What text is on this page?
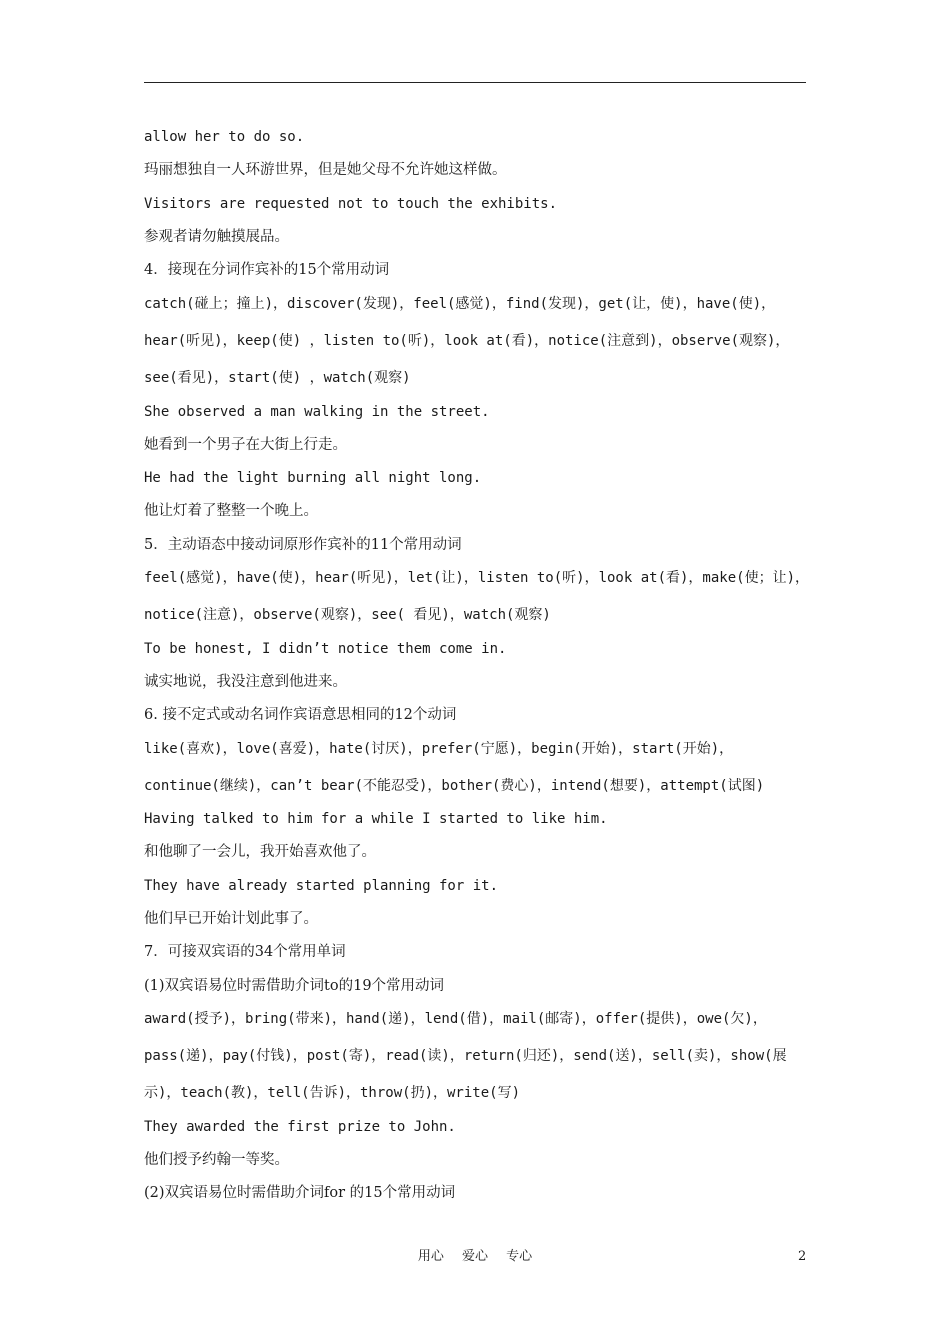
allow her to do so.
玛丽想独自一人环游世界，但是她父母不允许她这样做。
Visitors are requested not to touch the exhibits.
参观者请勿触摸展品。
4．接现在分词作宾补的15个常用动词
catch(碰上；撞上)，discover(发现)，feel(感觉)，find(发现)，get(让，使)，have(使)，
hear(听见)，keep(使) ，listen to(听)，look at(看)，notice(注意到)，observe(观察)，
see(看见)，start(使) ，watch(观察)
She observed a man walking in the street.
她看到一个男子在大街上行走。
He had the light burning all night long.
他让灯着了整整一个晚上。
5．主动语态中接动词原形作宾补的11个常用动词
feel(感觉)，have(使)，hear(听见)，let(让)，listen to(听)，look at(看)，make(使；让)，
notice(注意)，observe(观察)，see( 看见)，watch(观察)
To be honest, I didn’t notice them come in.
诚实地说，我没注意到他进来。
6. 接不定式或动名词作宾语意思相同的12个动词
like(喜欢)，love(喜爱)，hate(讨厌)，prefer(宁愿)，begin(开始)，start(开始)，
continue(继续)，can’t bear(不能忍受)，bother(费心)，intend(想要)，attempt(试图)
Having talked to him for a while I started to like him.
和他聊了一会儿，我开始喜欢他了。
They have already started planning for it.
他们早已开始计划此事了。
7．可接双宾语的34个常用单词
(1)双宾语易位时需借助介词to的19个常用动词
award(授予)，bring(带来)，hand(递)，lend(借)，mail(邮寄)，offer(提供)，owe(欠)，
pass(递)，pay(付钱)，post(寄)，read(读)，return(归还)，send(送)，sell(卖)，show(展
示)，teach(教)，tell(告诉)，throw(扔)，write(写)
They awarded the first prize to John.
他们授予约翰一等奖。
(2)双宾语易位时需借助介词for 的15个常用动词
用心 爱心 专心	2
